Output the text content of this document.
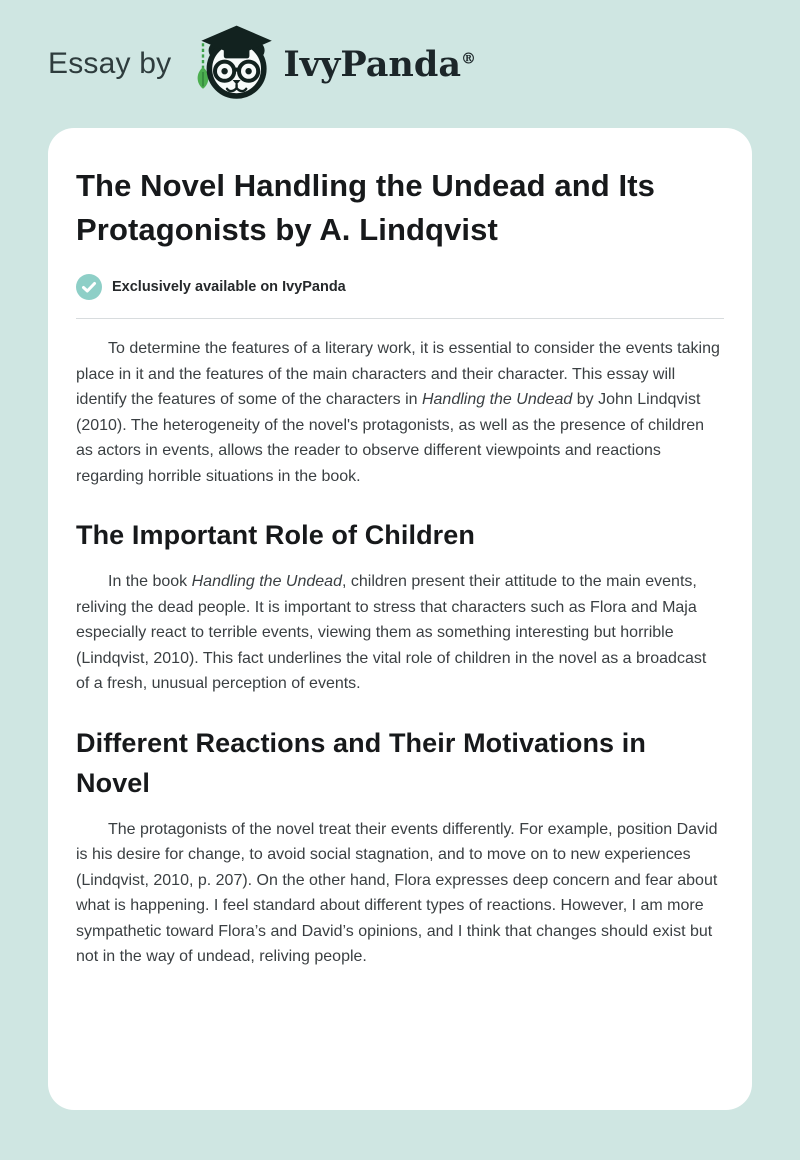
Essay by	IvyPanda®
The Novel Handling the Undead and Its Protagonists by A. Lindqvist
Exclusively available on IvyPanda

To determine the features of a literary work, it is essential to consider the events taking place in it and the features of the main characters and their character. This essay will identify the features of some of the characters in Handling the Undead by John Lindqvist (2010). The heterogeneity of the novel's protagonists, as well as the presence of children as actors in events, allows the reader to observe different viewpoints and reactions regarding horrible situations in the book.

The Important Role of Children

In the book Handling the Undead, children present their attitude to the main events, reliving the dead people. It is important to stress that characters such as Flora and Maja especially react to terrible events, viewing them as something interesting but horrible (Lindqvist, 2010). This fact underlines the vital role of children in the novel as a broadcast of a fresh, unusual perception of events.

Different Reactions and Their Motivations in Novel

The protagonists of the novel treat their events differently. For example, position David is his desire for change, to avoid social stagnation, and to move on to new experiences (Lindqvist, 2010, p. 207). On the other hand, Flora expresses deep concern and fear about what is happening. I feel standard about different types of reactions. However, I am more sympathetic toward Flora’s and David’s opinions, and I think that changes should exist but not in the way of undead, reliving people.
